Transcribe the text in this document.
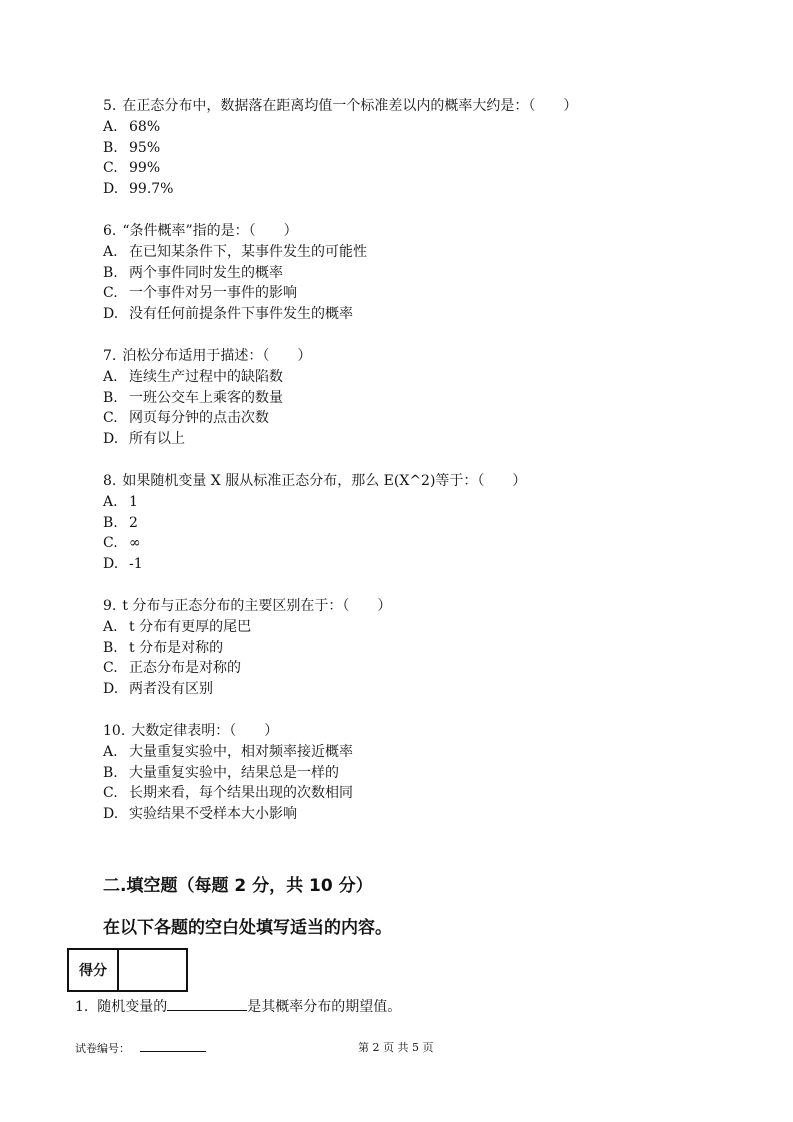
5. 在正态分布中，数据落在距离均值一个标准差以内的概率大约是：（　　）
A. 68%
B. 95%
C. 99%
D. 99.7%
6. “条件概率”指的是：（　　）
A. 在已知某条件下，某事件发生的可能性
B. 两个事件同时发生的概率
C. 一个事件对另一事件的影响
D. 没有任何前提条件下事件发生的概率
7. 泊松分布适用于描述：（　　）
A. 连续生产过程中的缺陷数
B. 一班公交车上乘客的数量
C. 网页每分钟的点击次数
D. 所有以上
8. 如果随机变量 X 服从标准正态分布，那么 E(X^2)等于：（　　）
A. 1
B. 2
C. ∞
D. -1
9. t 分布与正态分布的主要区别在于：（　　）
A. t 分布有更厚的尾巴
B. t 分布是对称的
C. 正态分布是对称的
D. 两者没有区别
10. 大数定律表明：（　　）
A. 大量重复实验中，相对频率接近概率
B. 大量重复实验中，结果总是一样的
C. 长期来看，每个结果出现的次数相同
D. 实验结果不受样本大小影响
二.填空题（每题 2 分，共 10 分）
在以下各题的空白处填写适当的内容。
得分	
1. 随机变量的	是其概率分布的期望值。
试卷编号：	第 2 页 共 5 页
